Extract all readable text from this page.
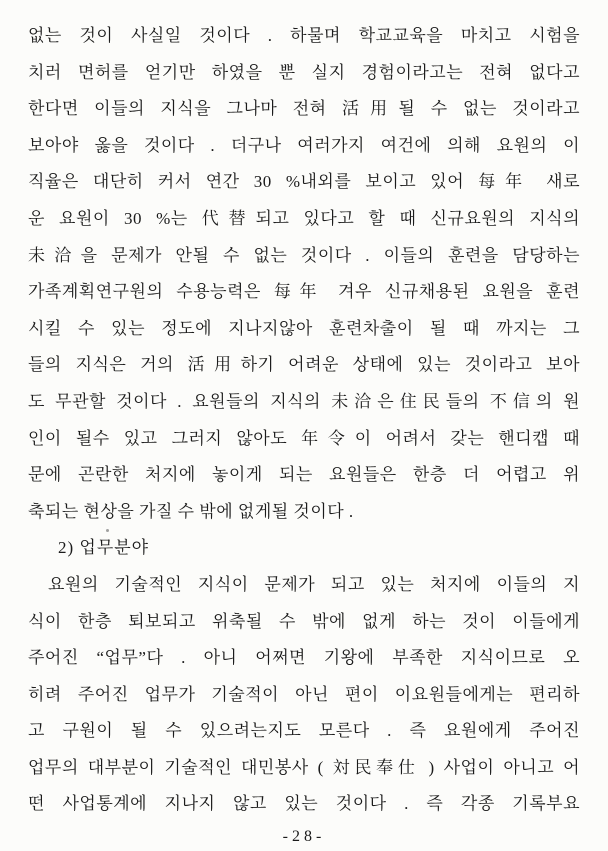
없는 것이 사실일 것이다 . 하물며 학교교육을 마치고 시험을
치러 면허를 얻기만 하였을 뿐 실지 경험이라고는 전혀 없다고
한다면 이들의 지식을 그나마 전혀 活用될 수 없는 것이라고
보아야 옳을 것이다 . 더구나 여러가지 여건에 의해 요원의 이
직율은 대단히 커서 연간 30 %내외를 보이고 있어 每年 새로
운 요원이 30 %는 代替되고 있다고 할 때 신규요원의 지식의
未洽을 문제가 안될 수 없는 것이다 . 이들의 훈련을 담당하는
가족계획연구원의 수용능력은 每年 겨우 신규채용된 요원을 훈련
시킬 수 있는 정도에 지나지않아 훈련차출이 될 때 까지는 그
들의 지식은 거의 活用하기 어려운 상태에 있는 것이라고 보아
도 무관할 것이다 . 요원들의 지식의 未洽은住民들의 不信의 원
인이 될수 있고 그러지 않아도 年令이 어려서 갖는 핸디캡 때
문에 곤란한 처지에 놓이게 되는 요원들은 한층 더 어렵고 위
축되는 현상을 가질 수 밖에 없게될 것이다 .
2) 업무분야
요원의 기술적인 지식이 문제가 되고 있는 처지에 이들의 지
식이 한층 퇴보되고 위축될 수 밖에 없게 하는 것이 이들에게
주어진 “업무”다 . 아니 어쩌면 기왕에 부족한 지식이므로 오
히려 주어진 업무가 기술적이 아닌 편이 이요원들에게는 편리하
고 구원이 될 수 있으려는지도 모른다 . 즉 요원에게 주어진
업무의 대부분이 기술적인 대민봉사 ( 対民奉仕 ) 사업이 아니고 어
떤 사업통계에 지나지 않고 있는 것이다 . 즉 각종 기록부요
-28-
